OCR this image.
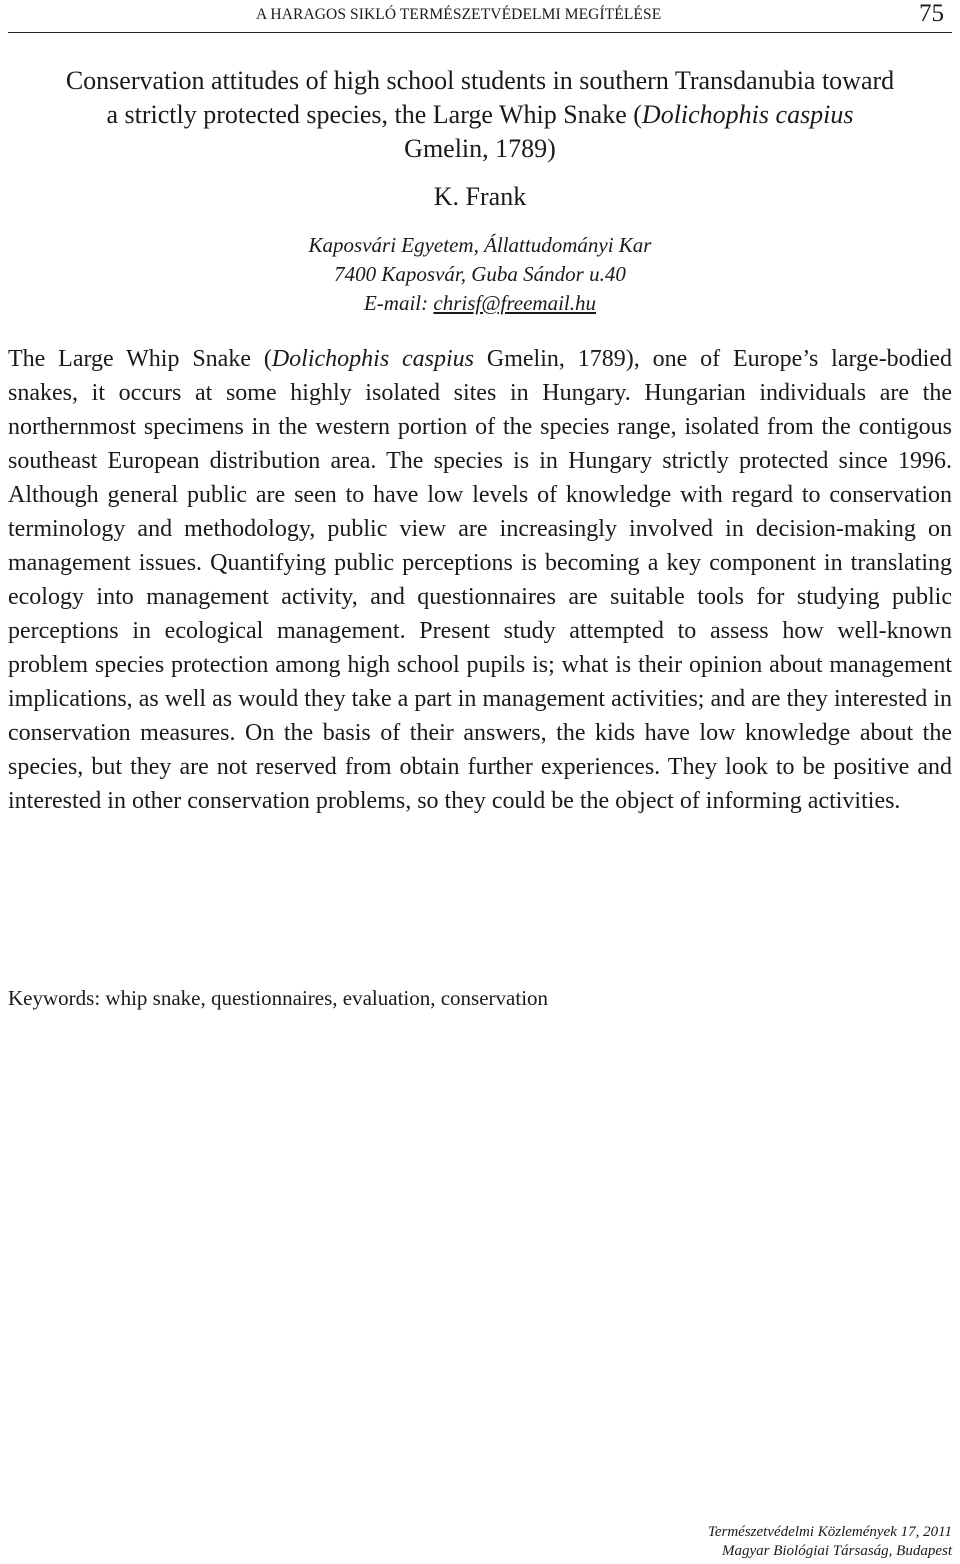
A HARAGOS SIKLÓ TERMÉSZETVÉDELMI MEGÍTÉLÉSE	75
Conservation attitudes of high school students in southern Transdanubia toward
a strictly protected species, the Large Whip Snake (Dolichophis caspius
Gmelin, 1789)
K. Frank
Kaposvári Egyetem, Állattudományi Kar
7400 Kaposvár, Guba Sándor u.40
E-mail: chrisf@freemail.hu
The Large Whip Snake (Dolichophis caspius Gmelin, 1789), one of Europe’s large-bodied snakes, it occurs at some highly isolated sites in Hungary. Hungarian individuals are the northernmost specimens in the western portion of the species range, isolated from the contigous southeast European distribution area. The species is in Hungary strictly protected since 1996. Although general public are seen to have low levels of knowledge with regard to conservation terminology and methodology, public view are increasingly involved in decision-making on management issues. Quantifying public perceptions is becoming a key component in translating ecology into management activity, and questionnaires are suitable tools for studying public perceptions in ecological management. Present study attempted to assess how well-known problem species protection among high school pupils is; what is their opinion about management implications, as well as would they take a part in management activities; and are they interested in conservation measures. On the basis of their answers, the kids have low knowledge about the species, but they are not reserved from obtain further experiences. They look to be positive and interested in other conservation problems, so they could be the object of informing activities.
Keywords: whip snake, questionnaires, evaluation, conservation
Természetvédelmi Közlemények 17, 2011
Magyar Biológiai Társaság, Budapest
